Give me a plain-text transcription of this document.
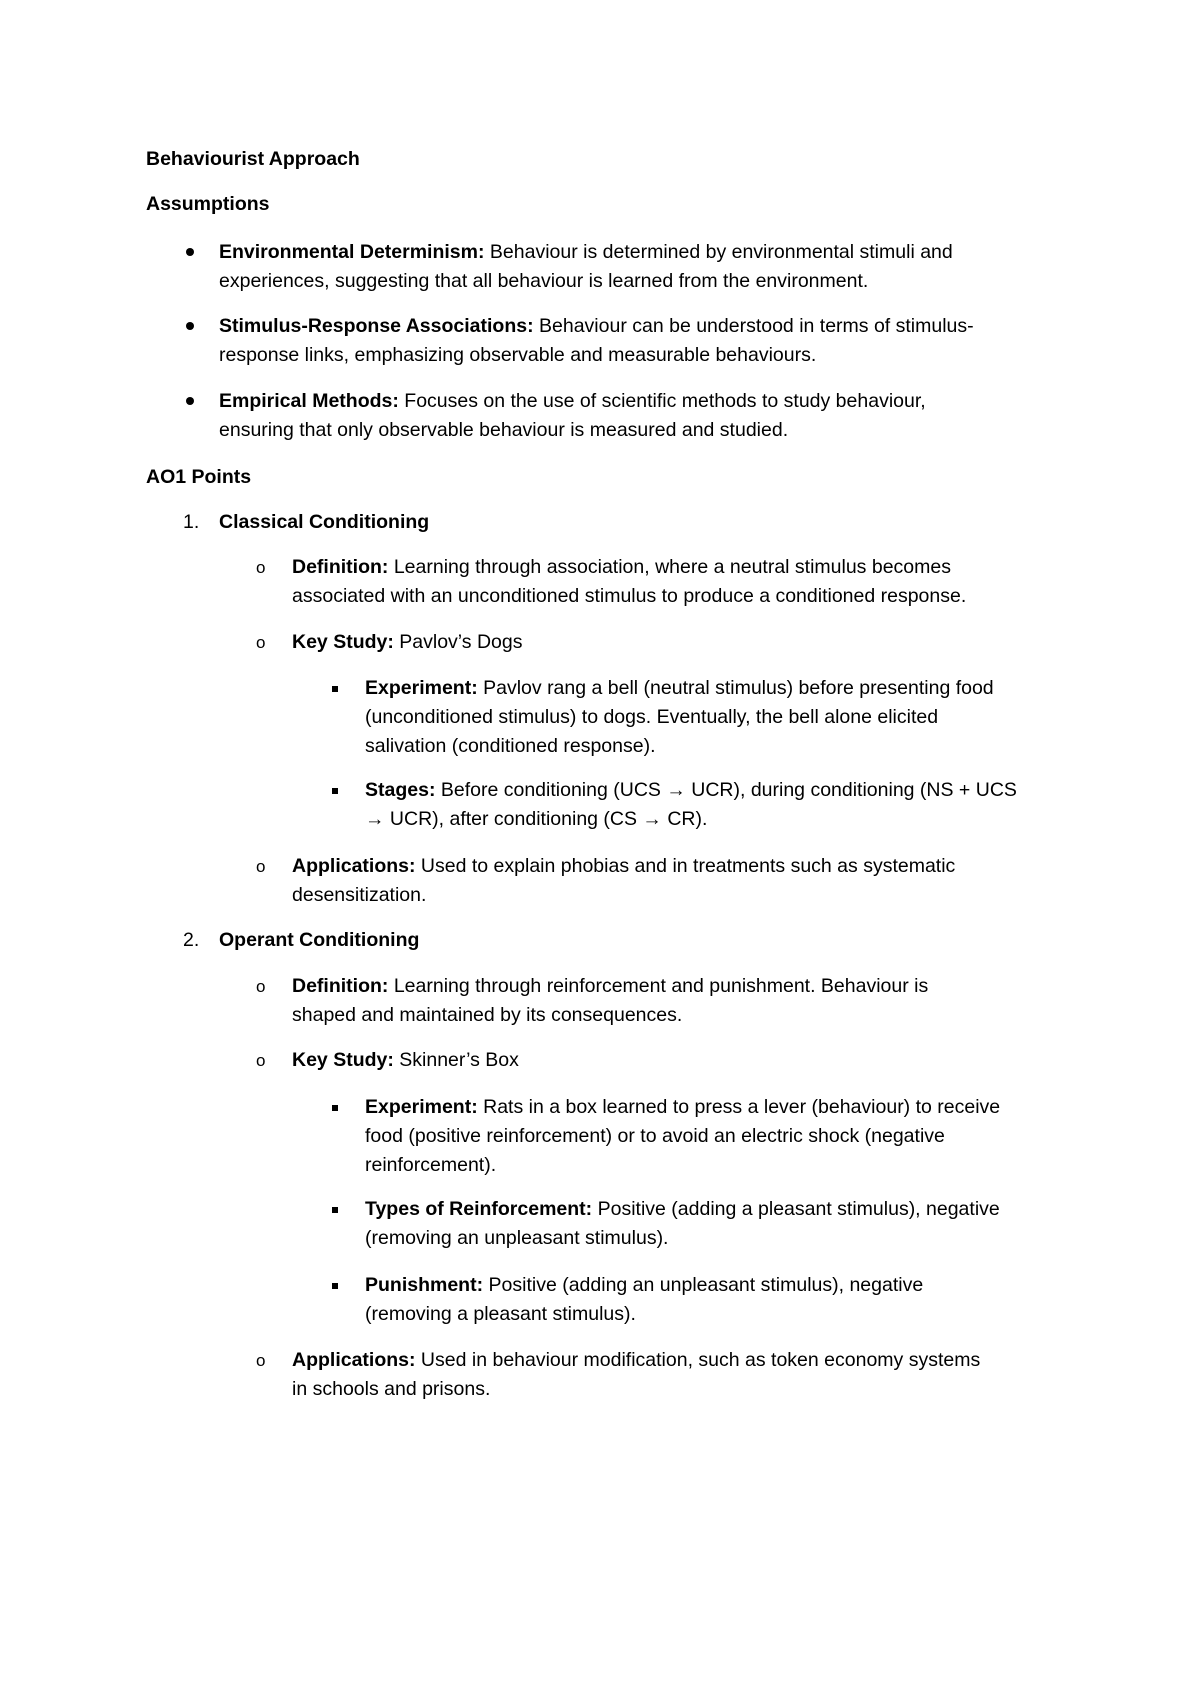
Behaviourist Approach
Assumptions
Environmental Determinism: Behaviour is determined by environmental stimuli and
experiences, suggesting that all behaviour is learned from the environment.
Stimulus-Response Associations: Behaviour can be understood in terms of stimulus-
response links, emphasizing observable and measurable behaviours.
Empirical Methods: Focuses on the use of scientific methods to study behaviour,
ensuring that only observable behaviour is measured and studied.
AO1 Points
1. Classical Conditioning
o Definition: Learning through association, where a neutral stimulus becomes
associated with an unconditioned stimulus to produce a conditioned response.
o Key Study: Pavlov’s Dogs
Experiment: Pavlov rang a bell (neutral stimulus) before presenting food
(unconditioned stimulus) to dogs. Eventually, the bell alone elicited
salivation (conditioned response).
Stages: Before conditioning (UCS → UCR), during conditioning (NS + UCS
→ UCR), after conditioning (CS → CR).
o Applications: Used to explain phobias and in treatments such as systematic
desensitization.
2. Operant Conditioning
o Definition: Learning through reinforcement and punishment. Behaviour is
shaped and maintained by its consequences.
o Key Study: Skinner’s Box
Experiment: Rats in a box learned to press a lever (behaviour) to receive
food (positive reinforcement) or to avoid an electric shock (negative
reinforcement).
Types of Reinforcement: Positive (adding a pleasant stimulus), negative
(removing an unpleasant stimulus).
Punishment: Positive (adding an unpleasant stimulus), negative
(removing a pleasant stimulus).
o Applications: Used in behaviour modification, such as token economy systems
in schools and prisons.
